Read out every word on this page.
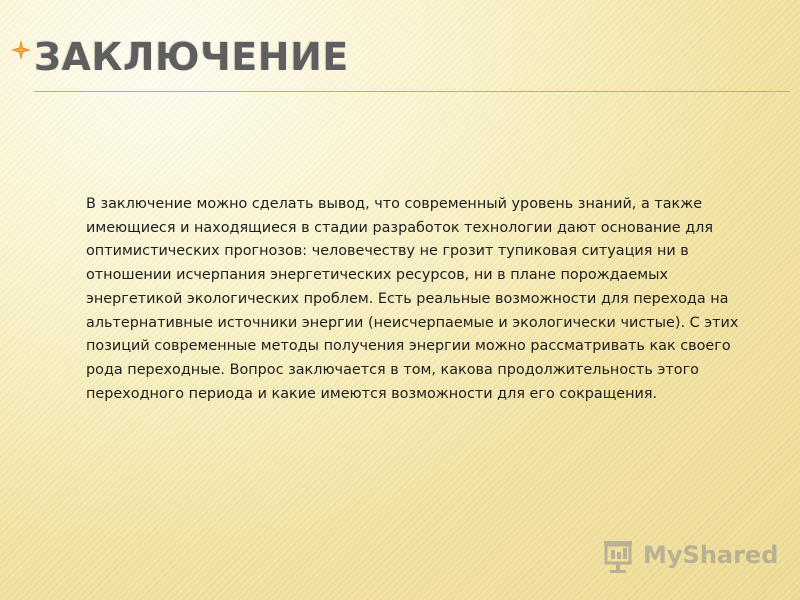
ЗАКЛЮЧЕНИЕ

В заключение можно сделать вывод, что современный уровень знаний, а также имеющиеся и находящиеся в стадии разработок технологии дают основание для оптимистических прогнозов: человечеству не грозит тупиковая ситуация ни в отношении исчерпания энергетических ресурсов, ни в плане порождаемых энергетикой экологических проблем. Есть реальные возможности для перехода на альтернативные источники энергии (неисчерпаемые и экологически чистые). С этих позиций современные методы получения энергии можно рассматривать как своего рода переходные. Вопрос заключается в том, какова продолжительность этого переходного периода и какие имеются возможности для его сокращения.

MyShared
